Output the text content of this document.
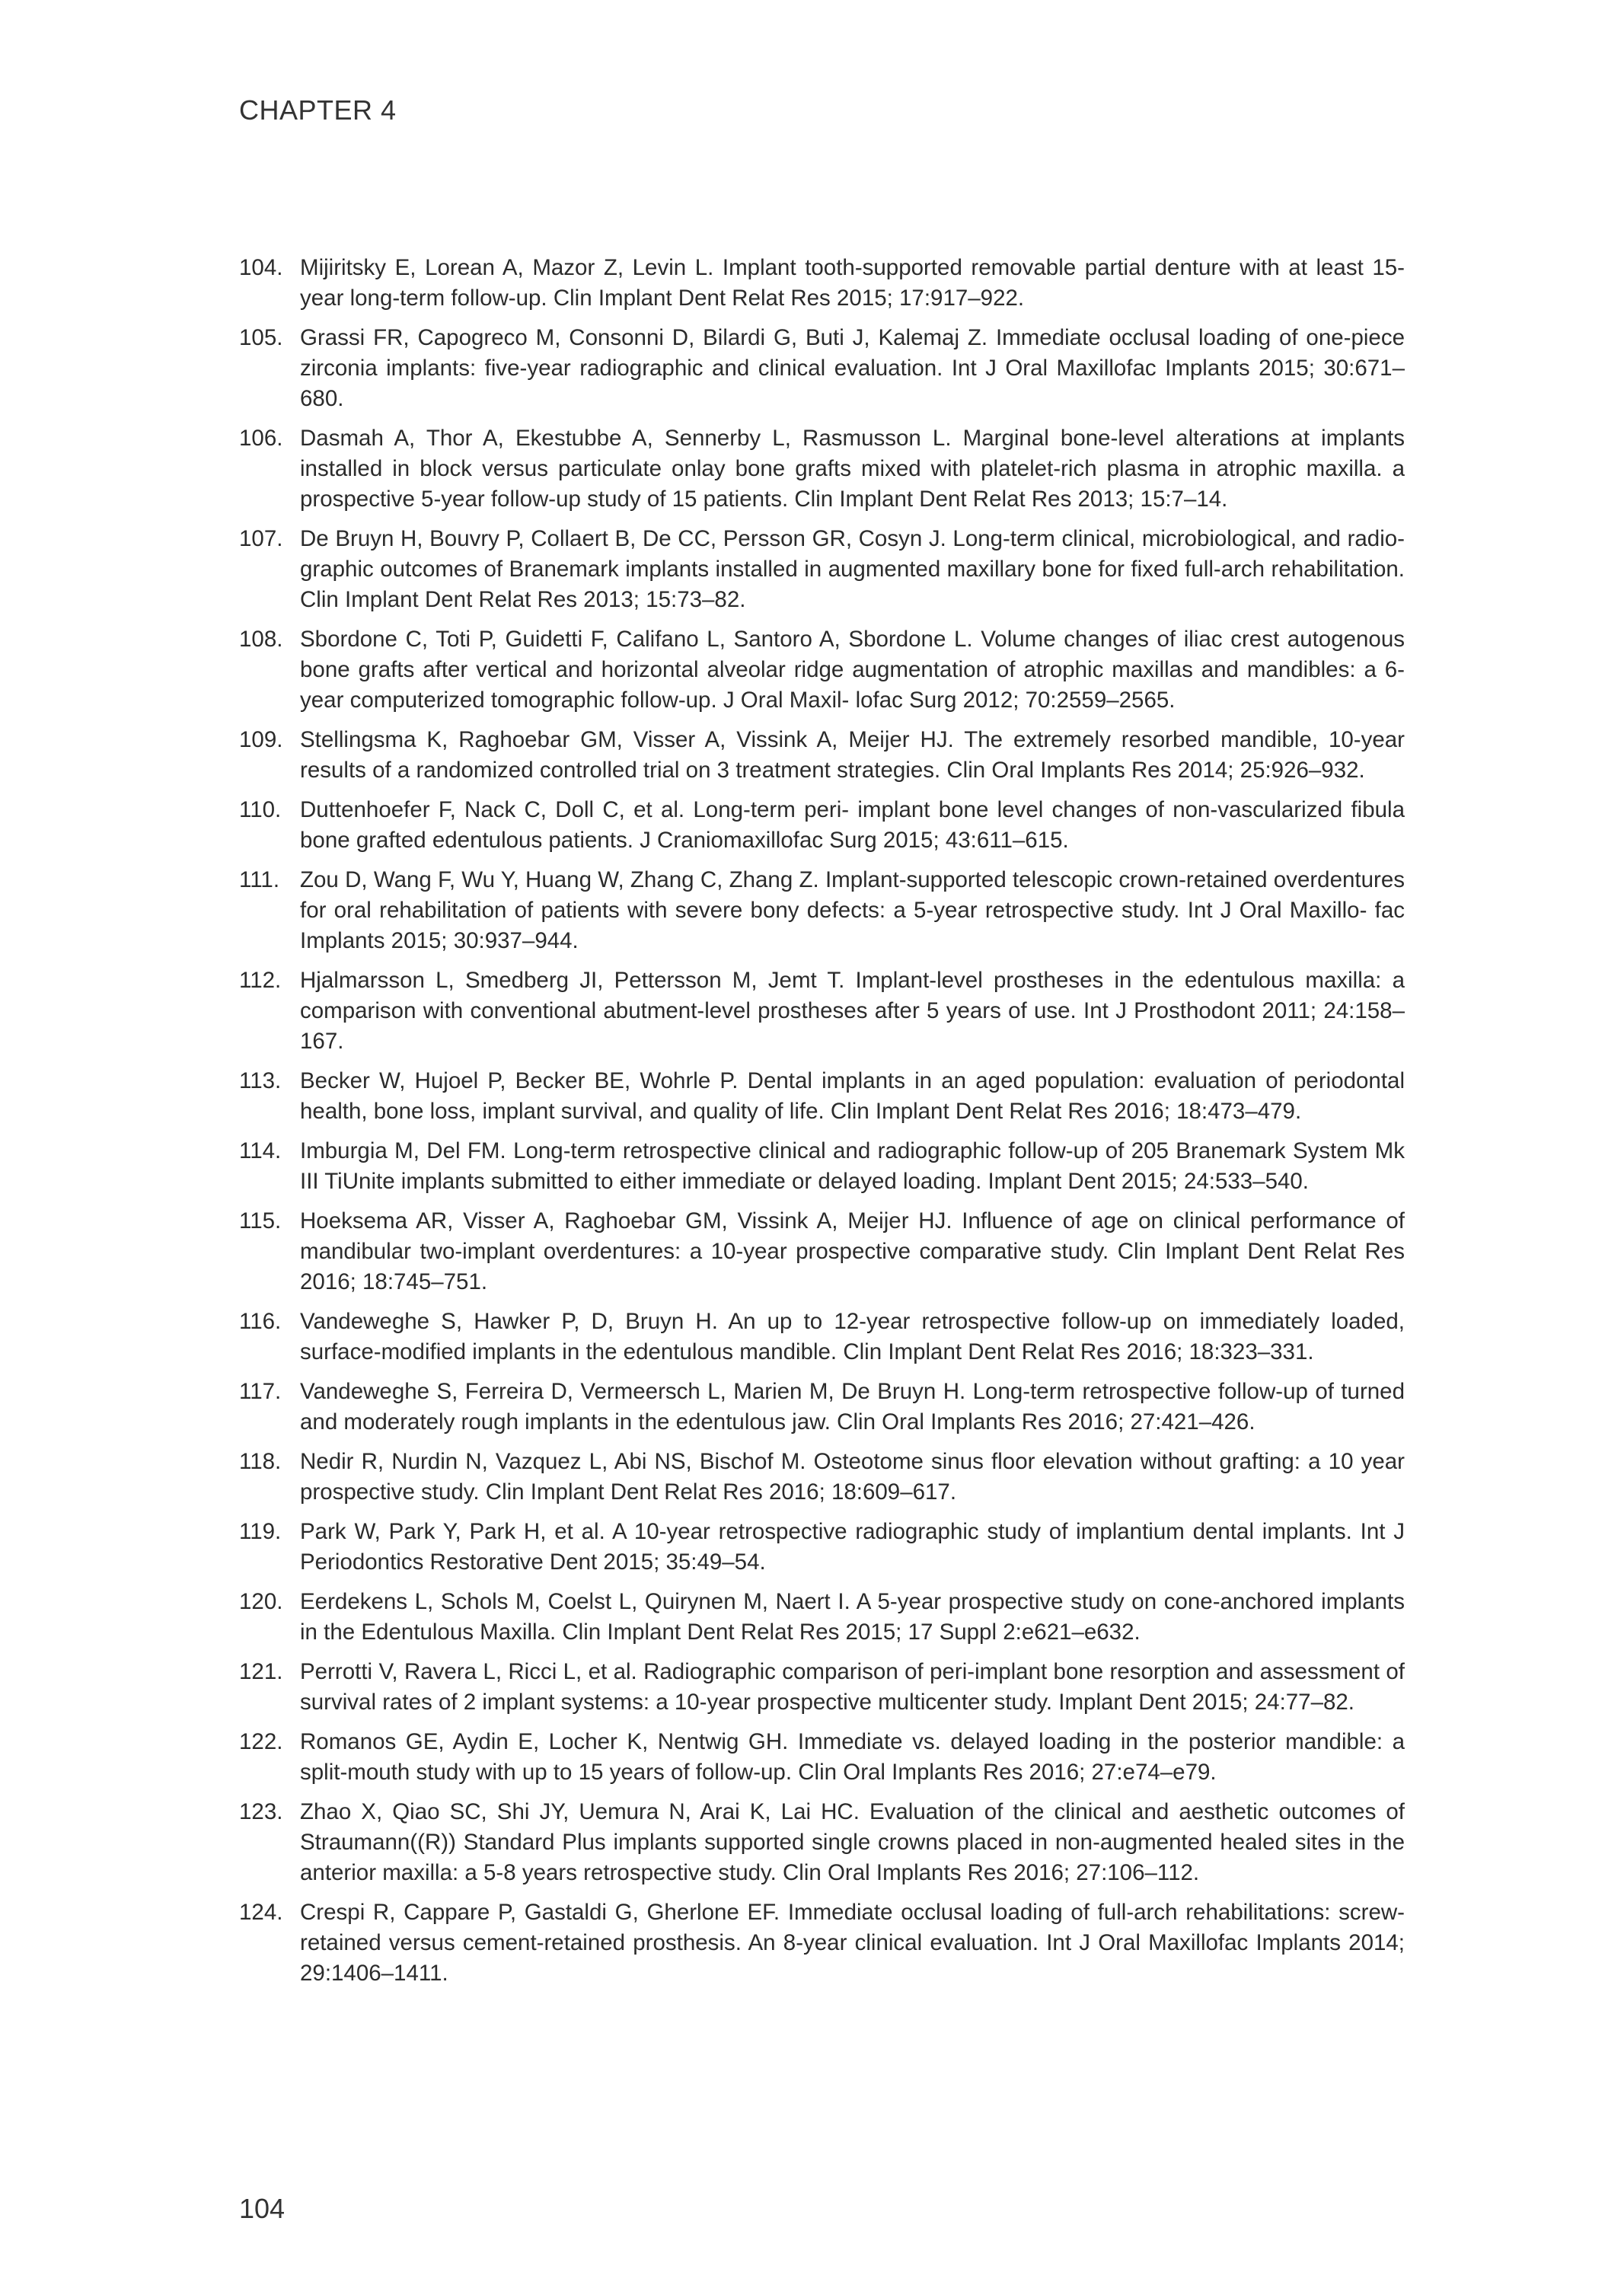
CHAPTER 4
104. Mijiritsky E, Lorean A, Mazor Z, Levin L. Implant tooth-supported removable partial denture with at least 15-year long-term follow-up. Clin Implant Dent Relat Res 2015; 17:917–922.
105. Grassi FR, Capogreco M, Consonni D, Bilardi G, Buti J, Kalemaj Z. Immediate occlusal loading of one-piece zirconia implants: five-year radiographic and clinical evaluation. Int J Oral Maxillofac Implants 2015; 30:671–680.
106. Dasmah A, Thor A, Ekestubbe A, Sennerby L, Rasmusson L. Marginal bone-level alterations at implants installed in block versus particulate onlay bone grafts mixed with platelet-rich plasma in atrophic maxilla. a prospective 5-year follow-up study of 15 patients. Clin Implant Dent Relat Res 2013; 15:7–14.
107. De Bruyn H, Bouvry P, Collaert B, De CC, Persson GR, Cosyn J. Long-term clinical, microbiological, and radio- graphic outcomes of Branemark implants installed in augmented maxillary bone for fixed full-arch rehabilitation. Clin Implant Dent Relat Res 2013; 15:73–82.
108. Sbordone C, Toti P, Guidetti F, Califano L, Santoro A, Sbordone L. Volume changes of iliac crest autogenous bone grafts after vertical and horizontal alveolar ridge augmentation of atrophic maxillas and mandibles: a 6- year computerized tomographic follow-up. J Oral Maxil- lofac Surg 2012; 70:2559–2565.
109. Stellingsma K, Raghoebar GM, Visser A, Vissink A, Meijer HJ. The extremely resorbed mandible, 10-year results of a randomized controlled trial on 3 treatment strategies. Clin Oral Implants Res 2014; 25:926–932.
110. Duttenhoefer F, Nack C, Doll C, et al. Long-term peri- implant bone level changes of non-vascularized fibula bone grafted edentulous patients. J Craniomaxillofac Surg 2015; 43:611–615.
111. Zou D, Wang F, Wu Y, Huang W, Zhang C, Zhang Z. Implant-supported telescopic crown-retained overdentures for oral rehabilitation of patients with severe bony defects: a 5-year retrospective study. Int J Oral Maxillo- fac Implants 2015; 30:937–944.
112. Hjalmarsson L, Smedberg JI, Pettersson M, Jemt T. Implant-level prostheses in the edentulous maxilla: a comparison with conventional abutment-level prostheses after 5 years of use. Int J Prosthodont 2011; 24:158–167.
113. Becker W, Hujoel P, Becker BE, Wohrle P. Dental implants in an aged population: evaluation of periodontal health, bone loss, implant survival, and quality of life. Clin Implant Dent Relat Res 2016; 18:473–479.
114. Imburgia M, Del FM. Long-term retrospective clinical and radiographic follow-up of 205 Branemark System Mk III TiUnite implants submitted to either immediate or delayed loading. Implant Dent 2015; 24:533–540.
115. Hoeksema AR, Visser A, Raghoebar GM, Vissink A, Meijer HJ. Influence of age on clinical performance of mandibular two-implant overdentures: a 10-year prospective comparative study. Clin Implant Dent Relat Res 2016; 18:745–751.
116. Vandeweghe S, Hawker P, D, Bruyn H. An up to 12-year retrospective follow-up on immediately loaded, surface-modified implants in the edentulous mandible. Clin Implant Dent Relat Res 2016; 18:323–331.
117. Vandeweghe S, Ferreira D, Vermeersch L, Marien M, De Bruyn H. Long-term retrospective follow-up of turned and moderately rough implants in the edentulous jaw. Clin Oral Implants Res 2016; 27:421–426.
118. Nedir R, Nurdin N, Vazquez L, Abi NS, Bischof M. Osteotome sinus floor elevation without grafting: a 10 year prospective study. Clin Implant Dent Relat Res 2016; 18:609–617.
119. Park W, Park Y, Park H, et al. A 10-year retrospective radiographic study of implantium dental implants. Int J Periodontics Restorative Dent 2015; 35:49–54.
120. Eerdekens L, Schols M, Coelst L, Quirynen M, Naert I. A 5-year prospective study on cone-anchored implants in the Edentulous Maxilla. Clin Implant Dent Relat Res 2015; 17 Suppl 2:e621–e632.
121. Perrotti V, Ravera L, Ricci L, et al. Radiographic comparison of peri-implant bone resorption and assessment of survival rates of 2 implant systems: a 10-year prospective multicenter study. Implant Dent 2015; 24:77–82.
122. Romanos GE, Aydin E, Locher K, Nentwig GH. Immediate vs. delayed loading in the posterior mandible: a split-mouth study with up to 15 years of follow-up. Clin Oral Implants Res 2016; 27:e74–e79.
123. Zhao X, Qiao SC, Shi JY, Uemura N, Arai K, Lai HC. Evaluation of the clinical and aesthetic outcomes of Straumann((R)) Standard Plus implants supported single crowns placed in non-augmented healed sites in the anterior maxilla: a 5-8 years retrospective study. Clin Oral Implants Res 2016; 27:106–112.
124. Crespi R, Cappare P, Gastaldi G, Gherlone EF. Immediate occlusal loading of full-arch rehabilitations: screw- retained versus cement-retained prosthesis. An 8-year clinical evaluation. Int J Oral Maxillofac Implants 2014; 29:1406–1411.
104
